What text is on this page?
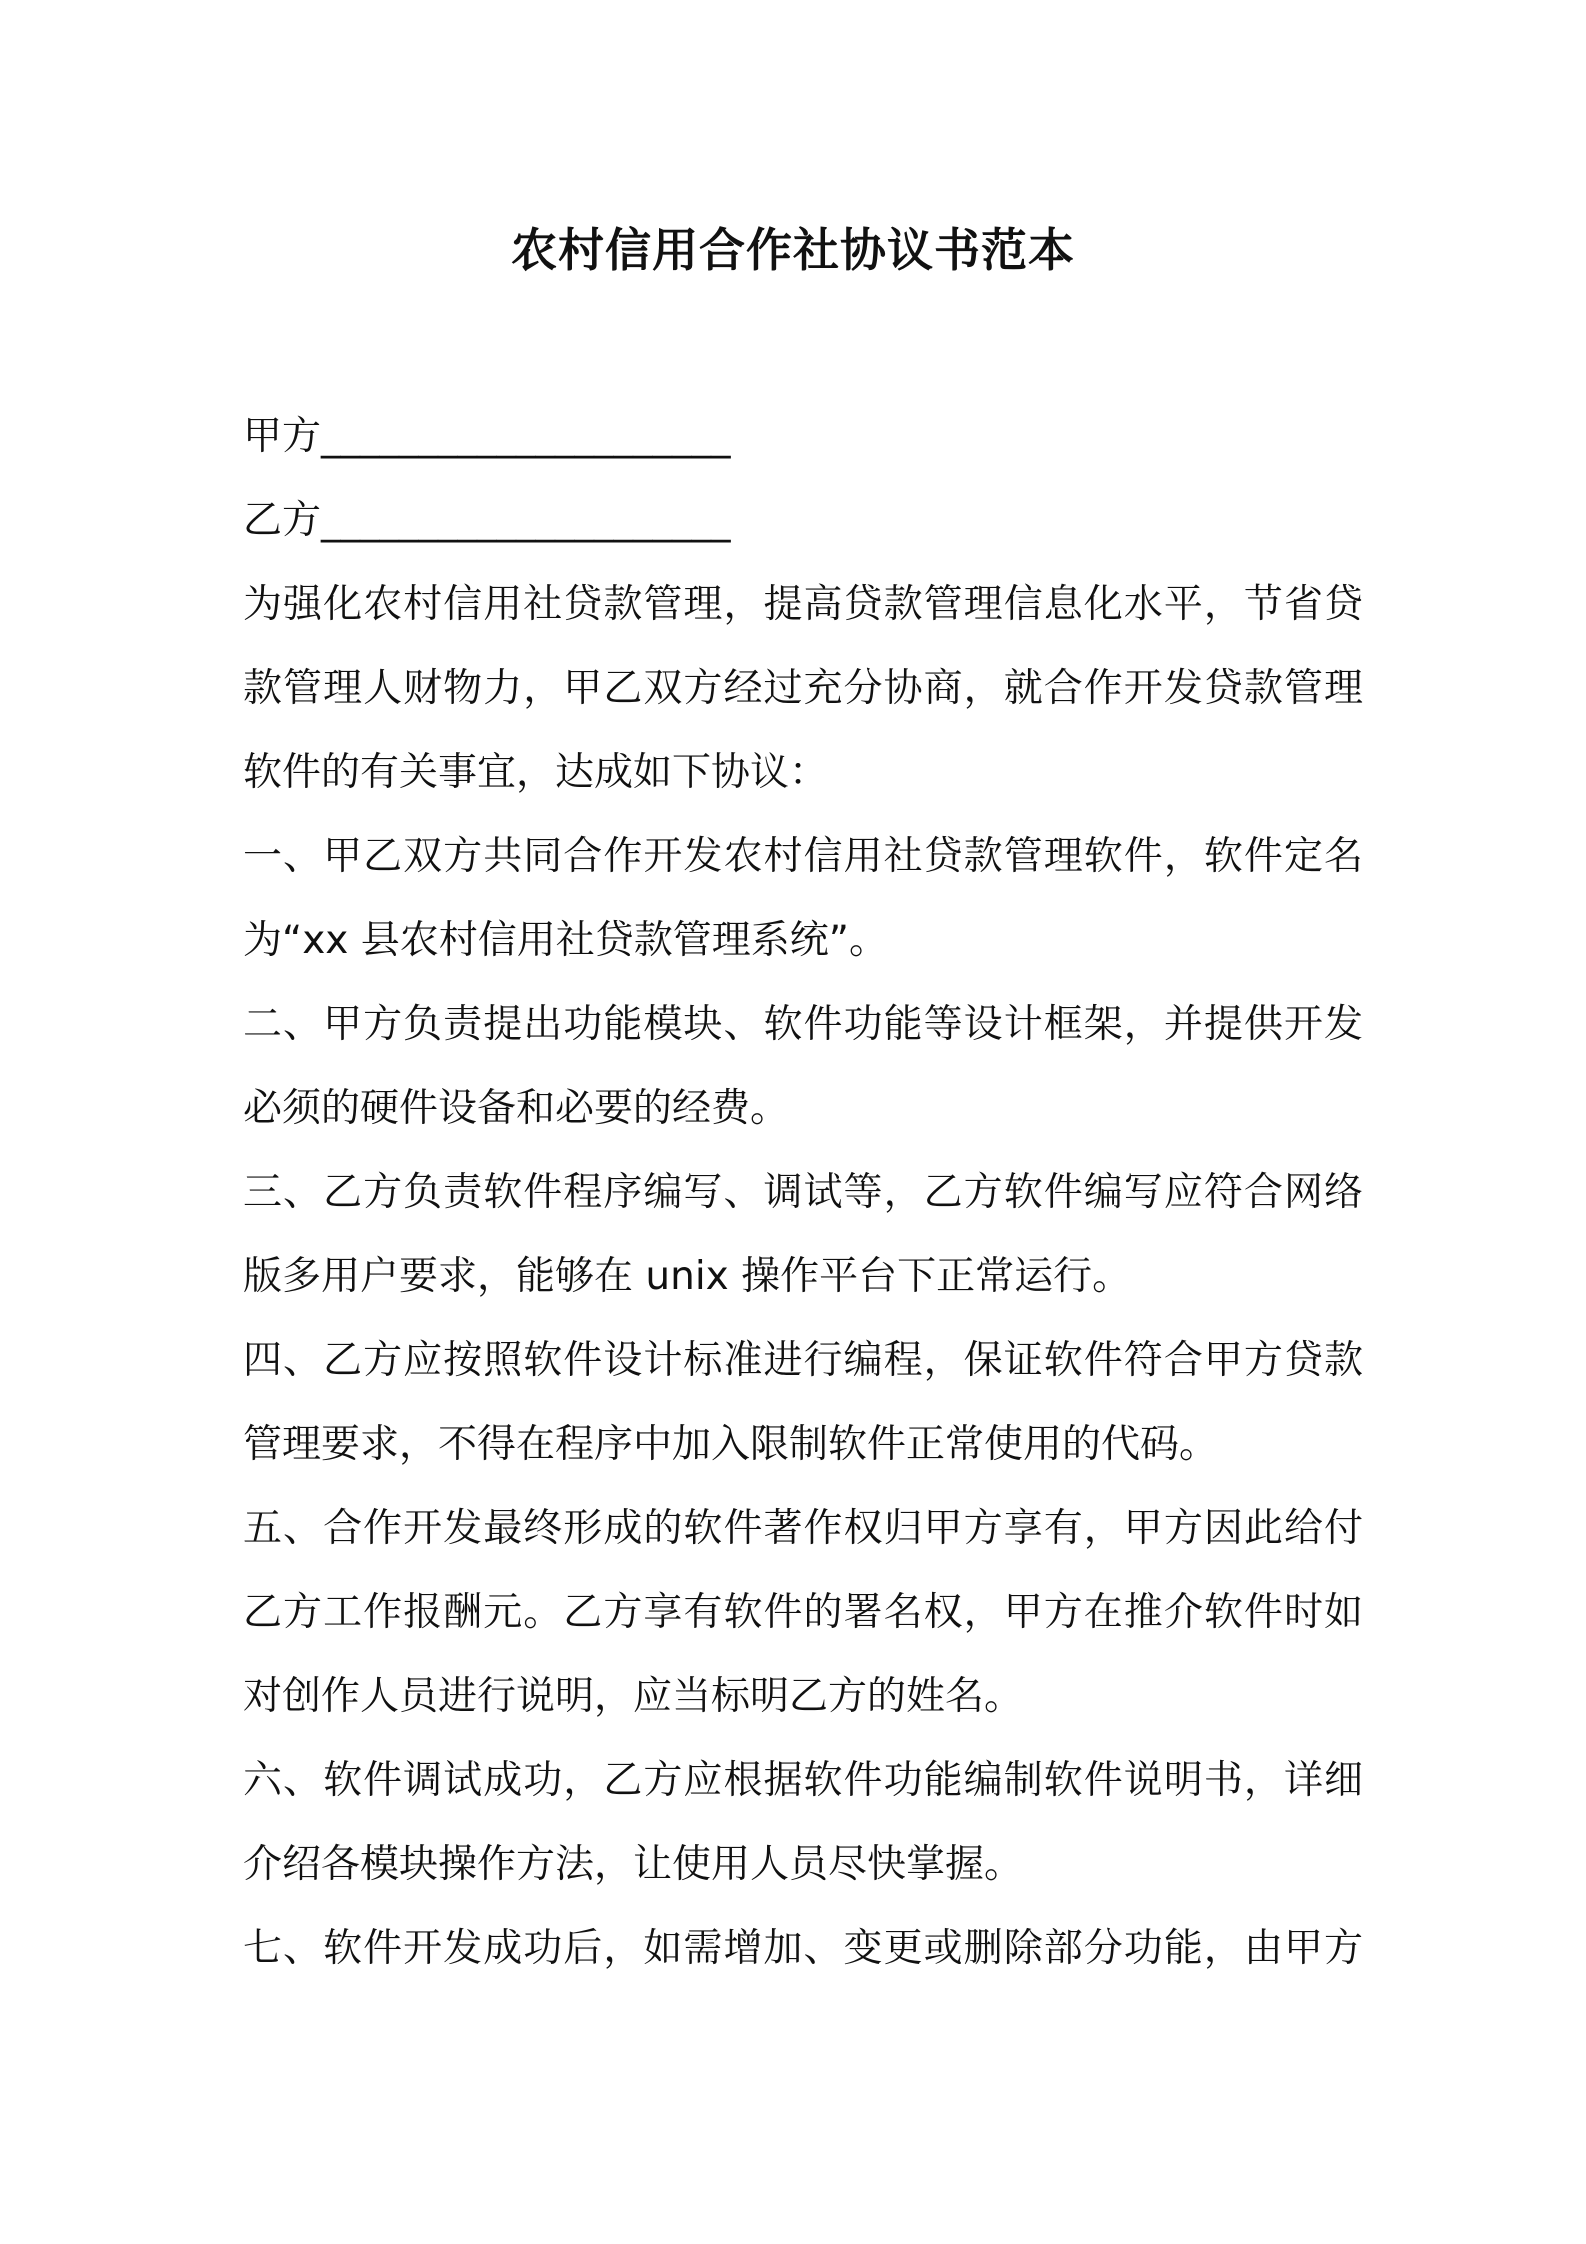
农村信用合作社协议书范本
甲方_____________________
乙方_____________________
为强化农村信用社贷款管理，提高贷款管理信息化水平，节省贷
款管理人财物力，甲乙双方经过充分协商，就合作开发贷款管理
软件的有关事宜，达成如下协议：
一、甲乙双方共同合作开发农村信用社贷款管理软件，软件定名
为“xx 县农村信用社贷款管理系统”。
二、甲方负责提出功能模块、软件功能等设计框架，并提供开发
必须的硬件设备和必要的经费。
三、乙方负责软件程序编写、调试等，乙方软件编写应符合网络
版多用户要求，能够在 unix 操作平台下正常运行。
四、乙方应按照软件设计标准进行编程，保证软件符合甲方贷款
管理要求，不得在程序中加入限制软件正常使用的代码。
五、合作开发最终形成的软件著作权归甲方享有，甲方因此给付
乙方工作报酬元。乙方享有软件的署名权，甲方在推介软件时如
对创作人员进行说明，应当标明乙方的姓名。
六、软件调试成功，乙方应根据软件功能编制软件说明书，详细
介绍各模块操作方法，让使用人员尽快掌握。
七、软件开发成功后，如需增加、变更或删除部分功能，由甲方
